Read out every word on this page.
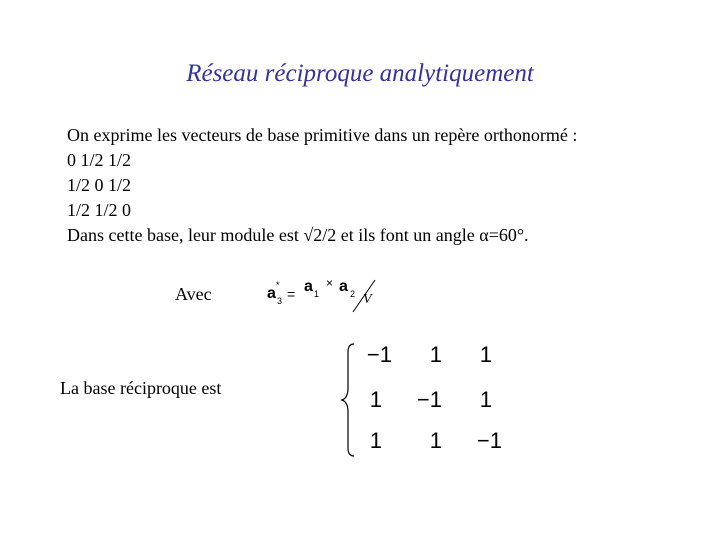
Réseau réciproque analytiquement
On exprime les vecteurs de base primitive dans un repère orthonormé :
0 1/2 1/2
1/2 0 1/2
1/2 1/2 0
Dans cette base, leur module est √2/2 et ils font un angle α=60°.
Avec	a *
3 = a 1
× a 2 V
La base réciproque est
−1	1	1
1	−1	1
1	1	−1
